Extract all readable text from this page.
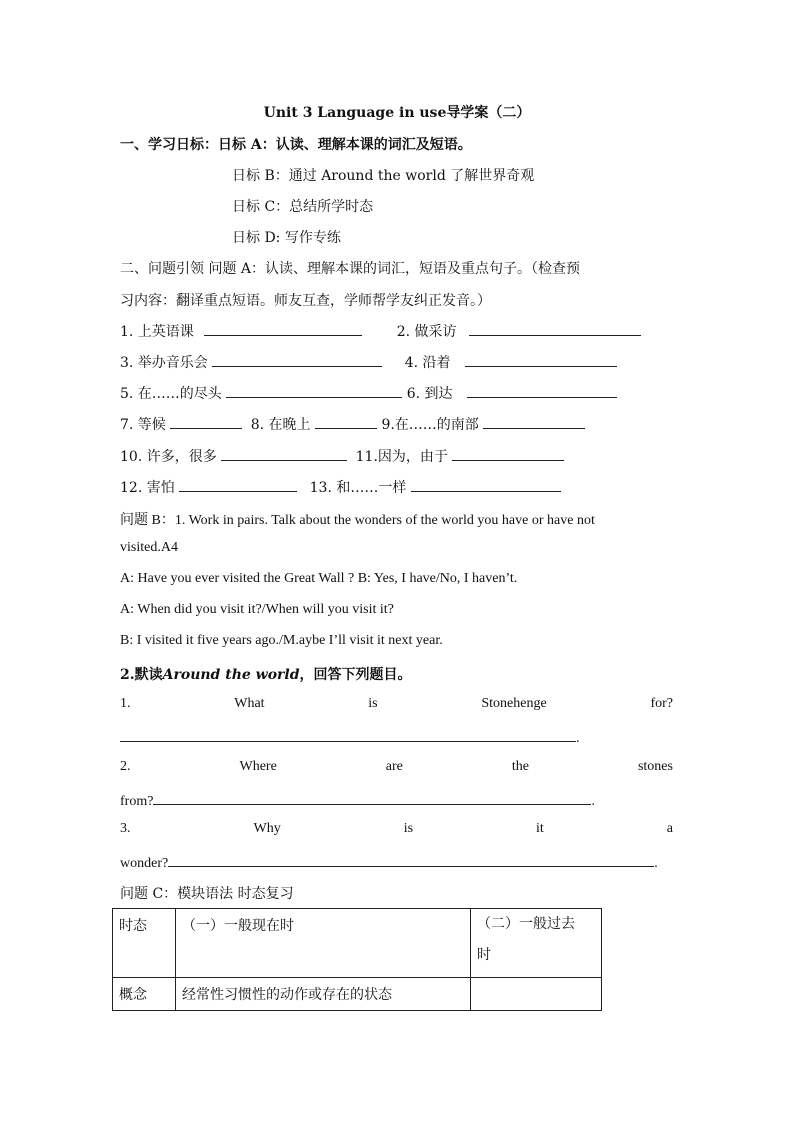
Unit 3 Language in use导学案（二）
一、学习日标：日标 A：认读、理解本课的词汇及短语。
日标 B：通过 Around the world 了解世界奇观
日标 C：总结所学时态
日标 D: 写作专练
二、问题引领 问题 A：认读、理解本课的词汇，短语及重点句子。（检查预
习内容：翻译重点短语。师友互查，学师帮学友纠正发音。）
1. 上英语课	2. 做采访
3. 举办音乐会	4. 沿着
5. 在……的尽头	6. 到达
7. 等候	8. 在晚上	9.在……的南部
10. 许多，很多	11.因为，由于
12. 害怕	13. 和……一样
问题 B：1. Work in pairs. Talk about the wonders of the world you have or have not
visited.A4
A: Have you ever visited the Great Wall ? B: Yes, I have/No, I haven’t.
A: When did you visit it?/When will you visit it?
B: I visited it five years ago./M.aybe I’ll visit it next year.
2.默读Around the world，回答下列题目。
1.	What	is	Stonehenge	for?
.
2.	Where	are	the	stones
from?	.
3.	Why	is	it	a
wonder?	.
问题 C：模块语法 时态复习
时态	（一）一般现在时	（二）一般过去
时
概念	经常性习惯性的动作或存在的状态	
